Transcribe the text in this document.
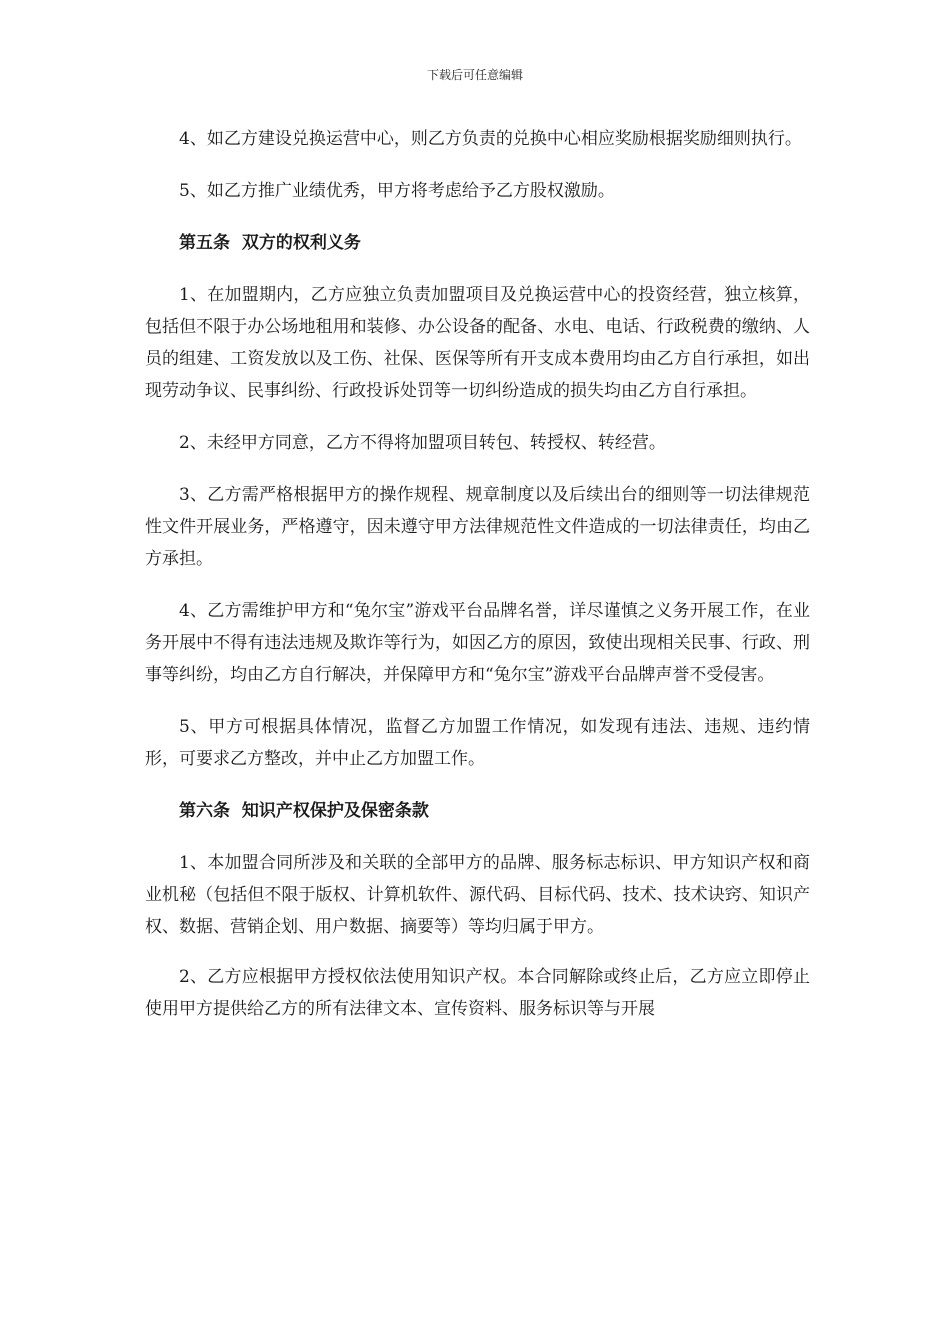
下载后可任意编辑

4、如乙方建设兑换运营中心，则乙方负责的兑换中心相应奖励根据奖励细则执行。

5、如乙方推广业绩优秀，甲方将考虑给予乙方股权激励。

第五条  双方的权利义务

1、在加盟期内，乙方应独立负责加盟项目及兑换运营中心的投资经营，独立核算，包括但不限于办公场地租用和装修、办公设备的配备、水电、电话、行政税费的缴纳、人员的组建、工资发放以及工伤、社保、医保等所有开支成本费用均由乙方自行承担，如出现劳动争议、民事纠纷、行政投诉处罚等一切纠纷造成的损失均由乙方自行承担。

2、未经甲方同意，乙方不得将加盟项目转包、转授权、转经营。

3、乙方需严格根据甲方的操作规程、规章制度以及后续出台的细则等一切法律规范性文件开展业务，严格遵守，因未遵守甲方法律规范性文件造成的一切法律责任，均由乙方承担。

4、乙方需维护甲方和“兔尔宝”游戏平台品牌名誉，详尽谨慎之义务开展工作，在业务开展中不得有违法违规及欺诈等行为，如因乙方的原因，致使出现相关民事、行政、刑事等纠纷，均由乙方自行解决，并保障甲方和“兔尔宝”游戏平台品牌声誉不受侵害。

5、甲方可根据具体情况，监督乙方加盟工作情况，如发现有违法、违规、违约情形，可要求乙方整改，并中止乙方加盟工作。

第六条  知识产权保护及保密条款

1、本加盟合同所涉及和关联的全部甲方的品牌、服务标志标识、甲方知识产权和商业机秘（包括但不限于版权、计算机软件、源代码、目标代码、技术、技术诀窍、知识产权、数据、营销企划、用户数据、摘要等）等均归属于甲方。

2、乙方应根据甲方授权依法使用知识产权。本合同解除或终止后，乙方应立即停止使用甲方提供给乙方的所有法律文本、宣传资料、服务标识等与开展
